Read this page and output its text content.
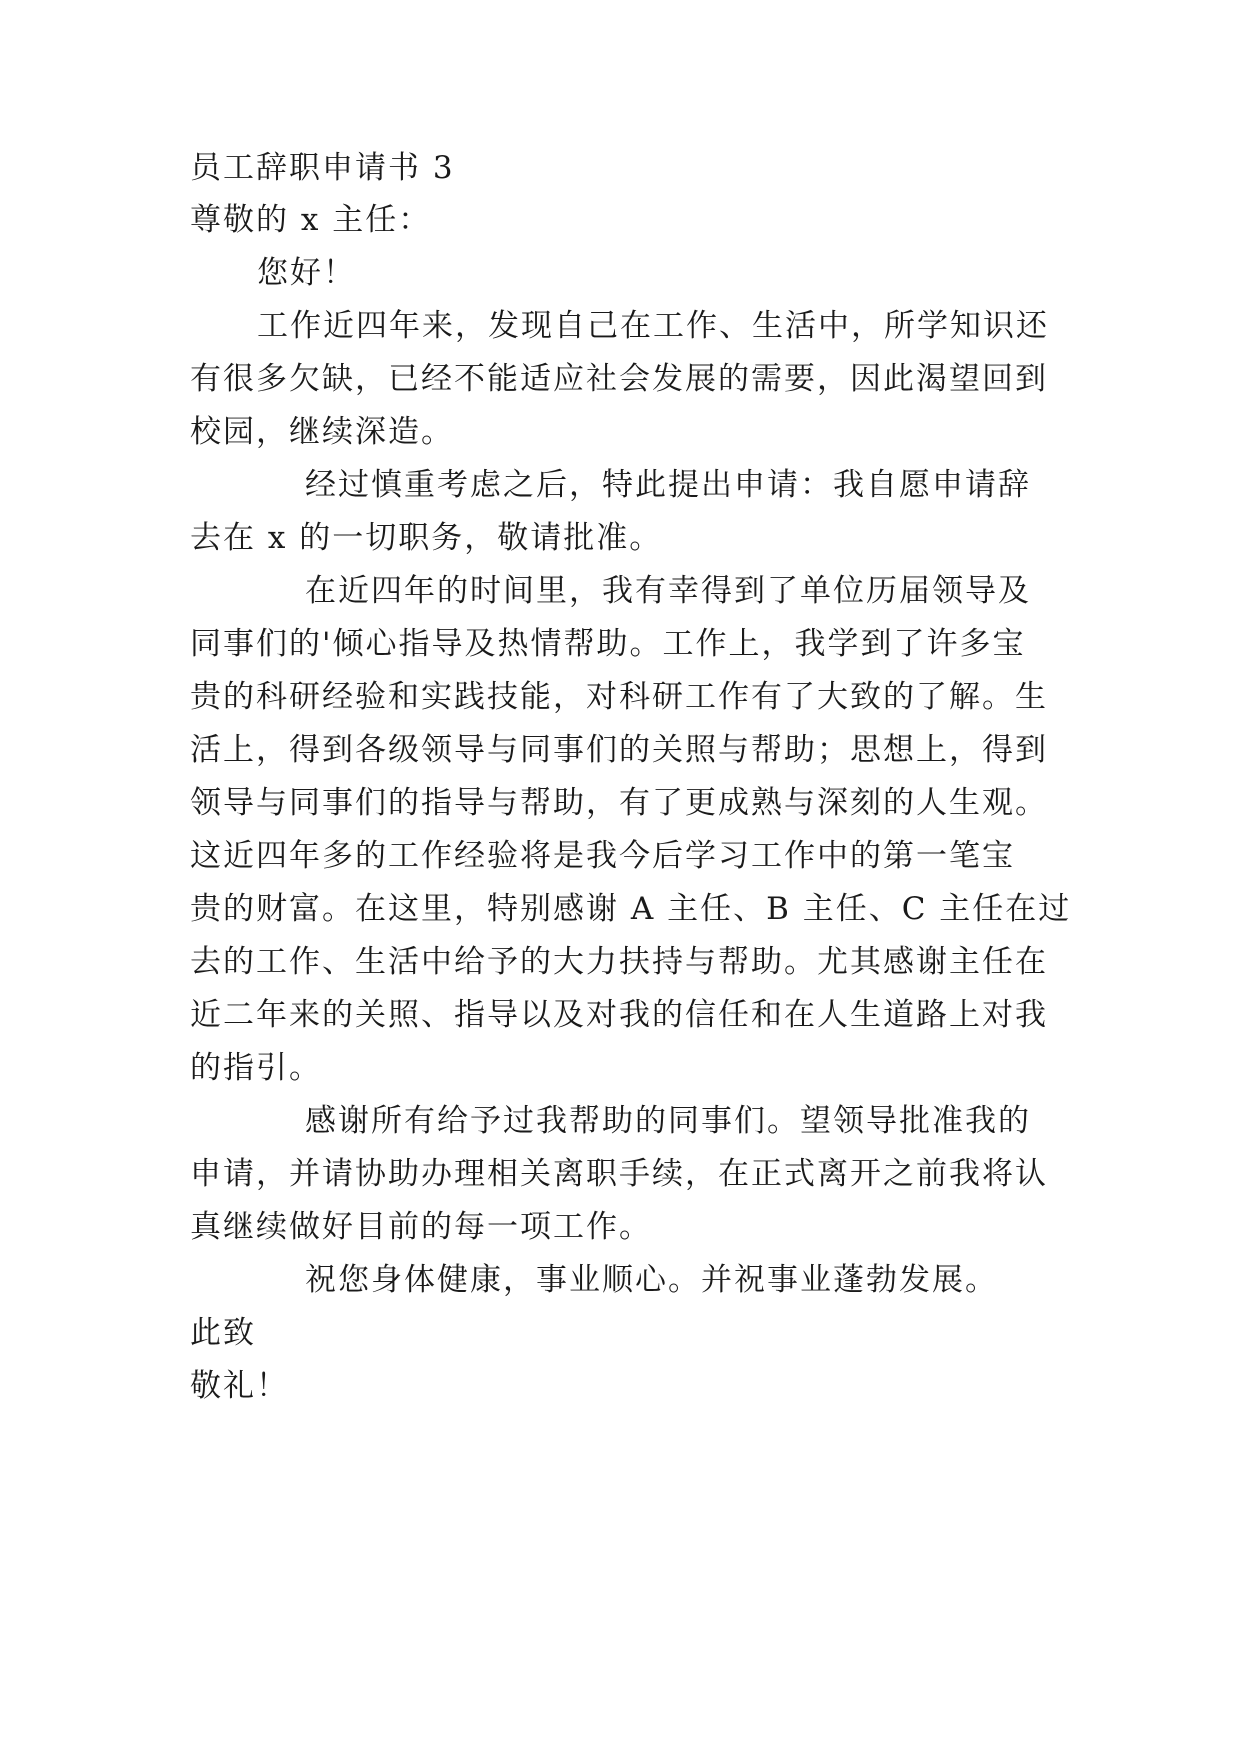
员工辞职申请书 3
尊敬的 x 主任：
您好！
工作近四年来，发现自己在工作、生活中，所学知识还
有很多欠缺，已经不能适应社会发展的需要，因此渴望回到
校园，继续深造。
经过慎重考虑之后，特此提出申请：我自愿申请辞
去在 x 的一切职务，敬请批准。
在近四年的时间里，我有幸得到了单位历届领导及
同事们的'倾心指导及热情帮助。工作上，我学到了许多宝
贵的科研经验和实践技能，对科研工作有了大致的了解。生
活上，得到各级领导与同事们的关照与帮助；思想上，得到
领导与同事们的指导与帮助，有了更成熟与深刻的人生观。
这近四年多的工作经验将是我今后学习工作中的第一笔宝
贵的财富。在这里，特别感谢 A 主任、B 主任、C 主任在过
去的工作、生活中给予的大力扶持与帮助。尤其感谢主任在
近二年来的关照、指导以及对我的信任和在人生道路上对我
的指引。
感谢所有给予过我帮助的同事们。望领导批准我的
申请，并请协助办理相关离职手续，在正式离开之前我将认
真继续做好目前的每一项工作。
祝您身体健康，事业顺心。并祝事业蓬勃发展。
此致
敬礼！
